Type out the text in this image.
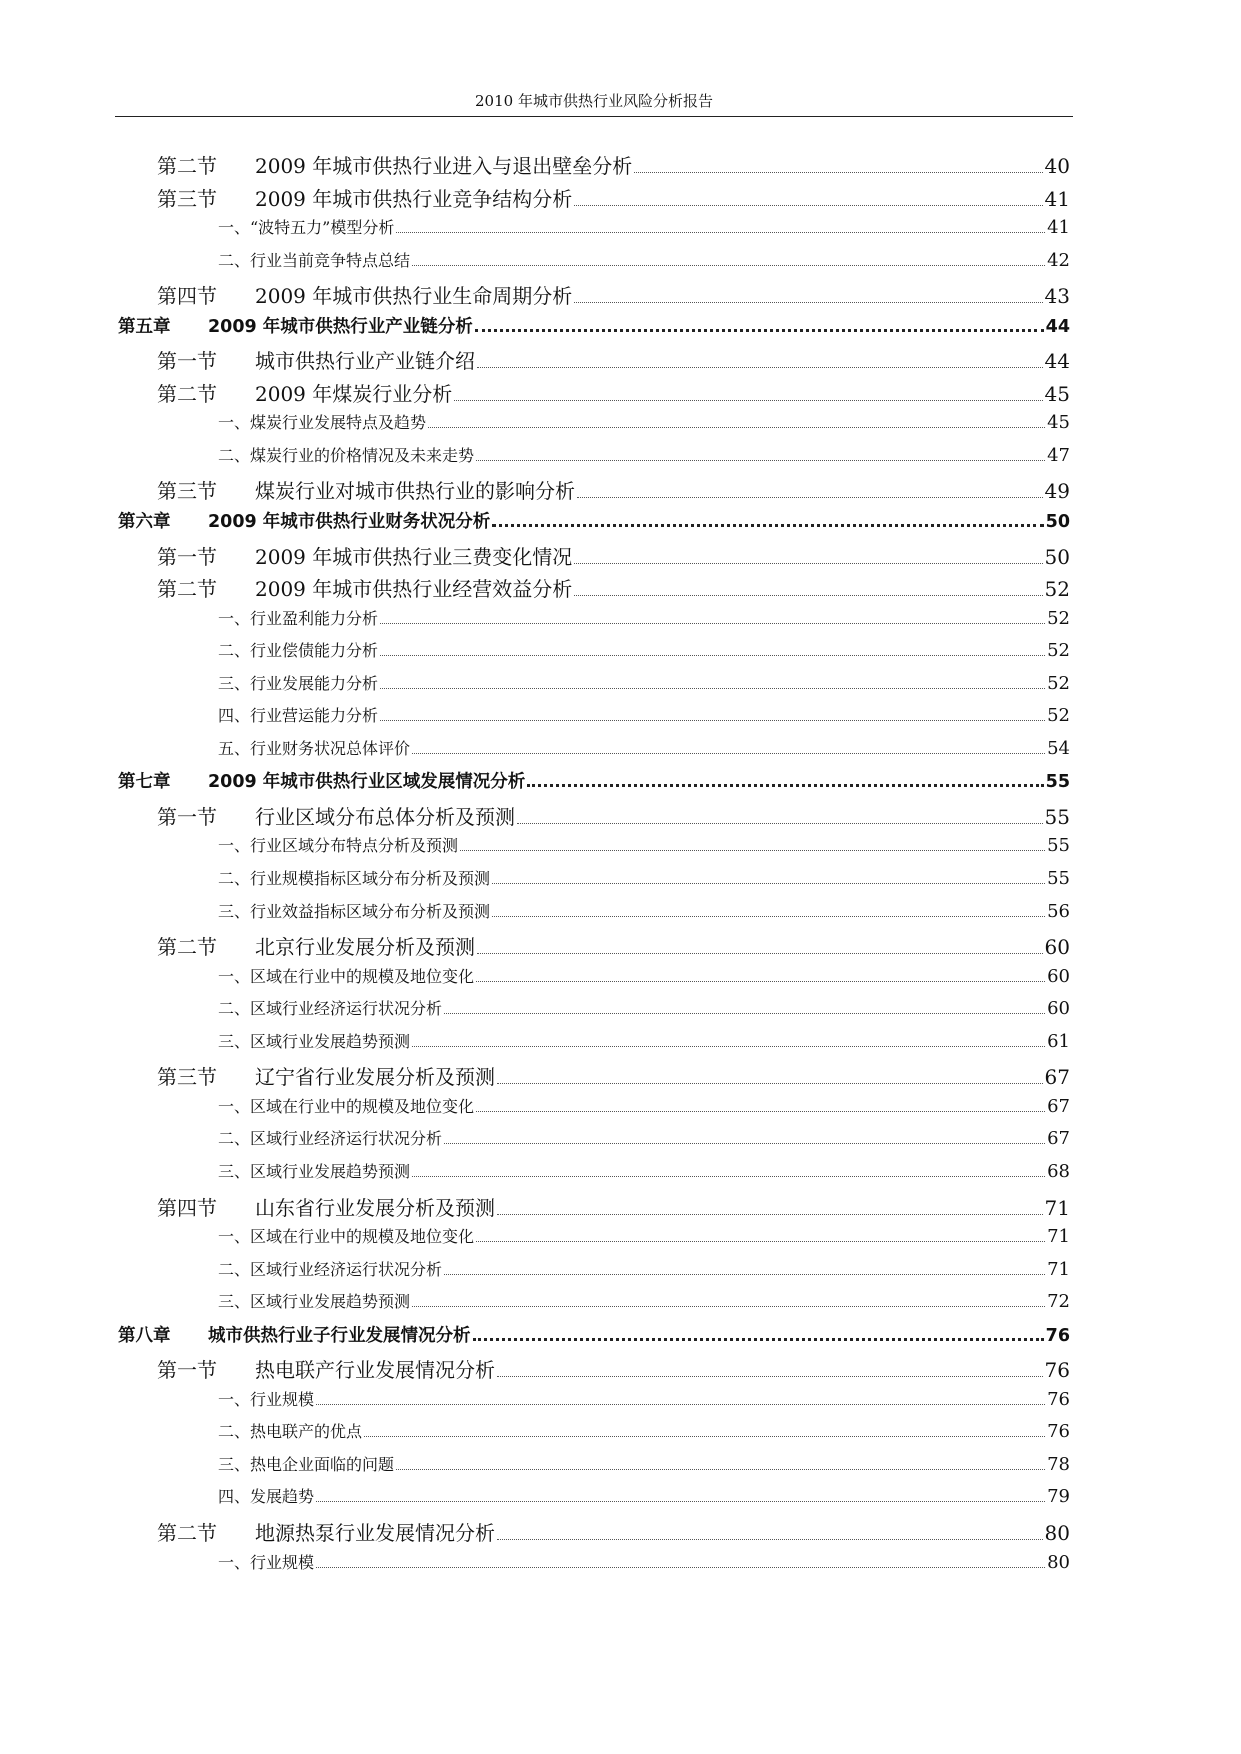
2010 年城市供热行业风险分析报告
第二节	2009 年城市供热行业进入与退出壁垒分析	40
第三节	2009 年城市供热行业竞争结构分析	41
一、“波特五力”模型分析	41
二、行业当前竞争特点总结	42
第四节	2009 年城市供热行业生命周期分析	43
第五章	2009 年城市供热行业产业链分析	44
第一节	城市供热行业产业链介绍	44
第二节	2009 年煤炭行业分析	45
一、煤炭行业发展特点及趋势	45
二、煤炭行业的价格情况及未来走势	47
第三节	煤炭行业对城市供热行业的影响分析	49
第六章	2009 年城市供热行业财务状况分析	50
第一节	2009 年城市供热行业三费变化情况	50
第二节	2009 年城市供热行业经营效益分析	52
一、行业盈利能力分析	52
二、行业偿债能力分析	52
三、行业发展能力分析	52
四、行业营运能力分析	52
五、行业财务状况总体评价	54
第七章	2009 年城市供热行业区域发展情况分析	55
第一节	行业区域分布总体分析及预测	55
一、行业区域分布特点分析及预测	55
二、行业规模指标区域分布分析及预测	55
三、行业效益指标区域分布分析及预测	56
第二节	北京行业发展分析及预测	60
一、区域在行业中的规模及地位变化	60
二、区域行业经济运行状况分析	60
三、区域行业发展趋势预测	61
第三节	辽宁省行业发展分析及预测	67
一、区域在行业中的规模及地位变化	67
二、区域行业经济运行状况分析	67
三、区域行业发展趋势预测	68
第四节	山东省行业发展分析及预测	71
一、区域在行业中的规模及地位变化	71
二、区域行业经济运行状况分析	71
三、区域行业发展趋势预测	72
第八章	城市供热行业子行业发展情况分析	76
第一节	热电联产行业发展情况分析	76
一、行业规模	76
二、热电联产的优点	76
三、热电企业面临的问题	78
四、发展趋势	79
第二节	地源热泵行业发展情况分析	80
一、行业规模	80
